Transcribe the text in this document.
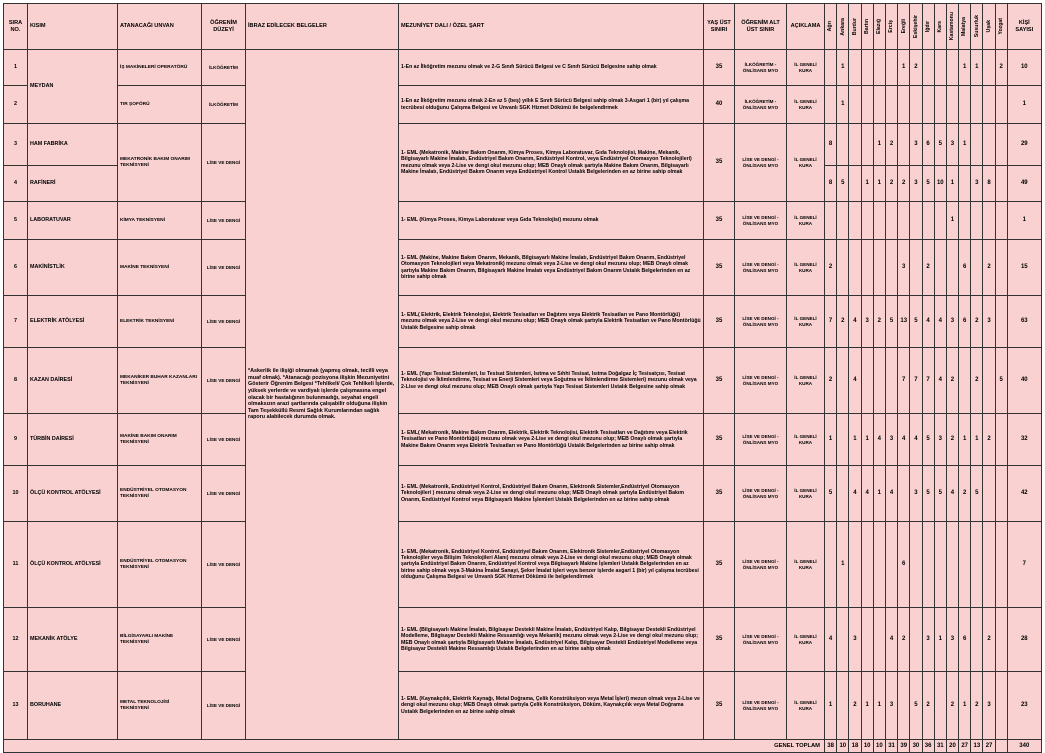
SIRA NO.	KISIM	ATANACAĞI UNVAN	ÖĞRENİM DÜZEYİ	İBRAZ EDİLECEK BELGELER	MEZUNİYET DALI / ÖZEL ŞART	YAŞ ÜST SINIRI	ÖĞRENİM ALT ÜST SINIR	AÇIKLAMA	Ağrı	Ankara	Burdur	Bartın	Elazığ	Erciş	Ereğli	Eskişehir	Iğdır	Kars	Kastamonu	Malatya	Susurluk	Uşak	Yozgat	KİŞİ SAYISI
1	MEYDAN	İŞ MAKİNELERİ OPERATÖRÜ	İLKÖĞRETİM	*Askerlik ile ilişiği olmamak (yapmış olmak, tecilli veya muaf olmak). *Atanacağı pozisyona ilişkin Mezuniyetini Gösterir Öğrenim Belgesi *Tehlikeli/ Çok Tehlikeli İşlerde, yüksek yerlerde ve vardiyalı işlerde çalışmasına engel olacak bir hastalığının bulunmadığı, seyahat engeli olmaksızın arazi şartlarında çalışabilir olduğuna ilişkin Tam Teşekküllü Resmi Sağlık Kurumlarından sağlık raporu alabilecek durumda olmak.	1-En az İlköğretim mezunu olmak ve 2-G Sınıfı Sürücü Belgesi ve C Sınıfı Sürücü Belgesine sahip olmak	35	İLKÖĞRETİM - ÖNLİSANS MYO	İL GENELİ KURA		1					1	2				1	1		2	10
2		TIR ŞOFÖRÜ	İLKÖĞRETİM		1-En az İlköğretim mezunu olmak 2-En az 5 (beş) yıllık E Sınıfı Sürücü Belgesi sahip olmak 3-Asgari 1 (bir) yıl çalışma tecrübesi olduğunu Çalışma Belgesi ve Unvanlı SGK Hizmet Dökümü ile belgelendirmek	40	İLKÖĞRETİM - ÖNLİSANS MYO	İL GENELİ KURA		1														1
3	HAM FABRİKA	MEKATRONİK BAKIM ONARIM TEKNİSYENİ	LİSE VE DENGİ		1- EML (Mekatronik, Makine Bakım Onarım, Kimya Proses, Kimya Laboratuvar, Gıda Teknolojisi, Makine, Mekanik, Bilgisayarlı Makine İmalatı, Endüstriyel Bakım Onarım, Endüstriyel Kontrol, veya Endüstriyel Otomasyon Teknolojileri) mezunu olmak veya 2-Lise ve dengi okul mezunu olup; MEB Onaylı olmak şartıyla Makine Bakım Onarım, Bilgisayarlı Makine İmalatı, Endüstriyel Bakım Onarım veya Endüstriyel Kontrol Ustalık Belgelerinden en az birine sahip olmak	35	LİSE VE DENGİ - ÖNLİSANS MYO	İL GENELİ KURA	8				1	2		3	6	5	3	1				29
4	RAFİNERİ								8	5		1	1	2	2	3	5	10	1		3	8		49
5	LABORATUVAR	KİMYA TEKNİSYENİ	LİSE VE DENGİ		1- EML (Kimya Proses, Kimya Laboratuvar veya Gıda Teknolojisi) mezunu olmak	35	LİSE VE DENGİ - ÖNLİSANS MYO	İL GENELİ KURA											1					1
6	MAKİNİSTLİK	MAKİNE TEKNİSYENİ	LİSE VE DENGİ		1- EML (Makine, Makine Bakım Onarım, Mekanik, Bilgisayarlı Makine İmalatı, Endüstriyel Bakım Onarım, Endüstriyel Otomasyon Teknolojileri veya Mekatronik) mezunu olmak veya 2-Lise ve dengi okul mezunu olup; MEB Onaylı olmak şartıyla Makine Bakım Onarım, Bilgisayarlı Makine İmalatı veya Endüstriyel Bakım Onarım Ustalık Belgelerinden en az birine sahip olmak	35	LİSE VE DENGİ - ÖNLİSANS MYO	İL GENELİ KURA	2						3		2			6		2		15
7	ELEKTRİK ATÖLYESİ	ELEKTRİK TEKNİSYENİ	LİSE VE DENGİ		1- EML( Elektrik, Elektrik Teknolojisi, Elektrik Tesisatları ve Dağıtımı veya Elektrik Tesisatları ve Pano Montörlüğü) mezunu olmak veya 2-Lise ve dengi okul mezunu olup; MEB Onaylı olmak şartıyla Elektrik Tesisatları ve Pano Montörlüğü Ustalık Belgesine sahip olmak	35	LİSE VE DENGİ - ÖNLİSANS MYO	İL GENELİ KURA	7	2	4	3	2	5	13	5	4	4	3	6	2	3		63
8	KAZAN DAİRESİ	MEKANİKER BUHAR KAZANLARI TEKNİSYENİ	LİSE VE DENGİ		1- EML (Yapı Tesisat Sistemleri, Isı Tesisat Sistemleri, Isıtma ve Sıhhi Tesisat, Isıtma Doğalgaz İç Tesisatçısı, Tesisat Teknolojisi ve İklimlendirme, Tesisat ve Enerji Sistemleri veya Soğutma ve İklimlendirme Sistemleri) mezunu olmak veya 2-Lise ve dengi okul mezunu olup; MEB Onaylı olmak şartıyla Yapı Tesisat Sistemleri Ustalık Belgesine sahip olmak	35	LİSE VE DENGİ - ÖNLİSANS MYO	İL GENELİ KURA	2		4				7	7	7	4	2		2		5	40
9	TÜRBİN DAİRESİ	MAKİNE BAKIM ONARIM TEKNİSYENİ	LİSE VE DENGİ		1- EML( Mekatronik, Makine Bakım Onarım, Elektrik, Elektrik Teknolojisi, Elektrik Tesisatları ve Dağıtımı veya Elektrik Tesisatları ve Pano Montörlüğü) mezunu olmak veya 2-Lise ve dengi okul mezunu olup; MEB Onaylı olmak şartıyla Makine Bakım Onarım veya Elektrik Tesisatları ve Pano Montörlüğü Ustalık Belgelerinden az birine sahip olmak	35	LİSE VE DENGİ - ÖNLİSANS MYO	İL GENELİ KURA	1		1	1	4	3	4	4	5	3	2	1	1	2		32
10	ÖLÇÜ KONTROL ATÖLYESİ	ENDÜSTRİYEL OTOMASYON TEKNİSYENİ	LİSE VE DENGİ		1- EML (Mekatronik, Endüstriyel Kontrol, Endüstriyel Bakım Onarım, Elektronik Sistemler,Endüstriyel Otomasyon Teknolojileri ) mezunu olmak veya 2-Lise ve dengi okul mezunu olup; MEB Onaylı olmak şartıyla Endüstriyel Bakım Onarım, Endüstriyel Kontrol veya Bilgisayarlı Makine İşlemleri Ustalık Belgelerinden en az birine sahip olmak	35	LİSE VE DENGİ - ÖNLİSANS MYO	İL GENELİ KURA	5		4	4	1	4		3	5	5	4	2	5			42
11	ÖLÇÜ KONTROL ATÖLYESİ	ENDÜSTRİYEL OTOMASYON TEKNİSYENİ	LİSE VE DENGİ		1- EML (Mekatronik, Endüstriyel Kontrol, Endüstriyel Bakım Onarım, Elektronik Sistemler,Endüstriyel Otomasyon Teknolojiler veya Bilişim Teknolojileri Alanı) mezunu olmak veya 2-Lise ve dengi okul mezunu olup; MEB Onaylı olmak şartıyla Endüstriyel Bakım Onarım, Endüstriyel Kontrol veya Bilgisayarlı Makine İşlemleri Ustalık Belgelerinden en az birine sahip olmak veya 3-Makina İmalat Sanayi, Şeker İmalat işleri veya benzer işlerde asgari 1 (bir) yıl çalışma tecrübesi olduğunu Çalışma Belgesi ve Unvanlı SGK Hizmet Dökümü ile belgelendirmek	35	LİSE VE DENGİ - ÖNLİSANS MYO	İL GENELİ KURA		1					6									7
12	MEKANİK ATÖLYE	BİLGİSAYARLI MAKİNE TEKNİSYENİ	LİSE VE DENGİ		1- EML (Bilgisayarlı Makine İmalatı, Bilgisayar Destekli Makine İmalatı, Endüstriyel Kalıp, Bilgisayar Destekli Endüstriyel Modelleme, Bilgisayar Destekli Makine Ressamlığı veya Mekanik) mezunu olmak veya 2-Lise ve dengi okul mezunu olup; MEB Onaylı olmak şartıyla Bilgisayarlı Makine İmalatı, Endüstriyel Kalıp, Bilgisayar Destekli Endüstriyel Modelleme veya Bilgisayar Destekli Makine Ressamlığı Ustalık Belgelerinden en az birine sahip olmak	35	LİSE VE DENGİ - ÖNLİSANS MYO	İL GENELİ KURA	4		3			4	2		3	1	3	6		2		28
13	BORUHANE	METAL TEKNOLOJİSİ TEKNİSYENİ	LİSE VE DENGİ		1- EML (Kaynakçılık, Elektrik Kaynağı, Metal Doğrama, Çelik Konstrüksiyon veya Metal İşleri) mezun olmak veya 2-Lise ve dengi okul mezunu olup; MEB Onaylı olmak şartıyla Çelik Konstrüksiyon, Döküm, Kaynakçılık veya Metal Doğrama Ustalık Belgelerinden en az birine sahip olmak	35	LİSE VE DENGİ - ÖNLİSANS MYO	İL GENELİ KURA	1		2	1	1	3		5	2		2	1	2	3		23
GENEL TOPLAM									38	10	18	10	10	31	39	30	36	31	20	27	13	27		340
